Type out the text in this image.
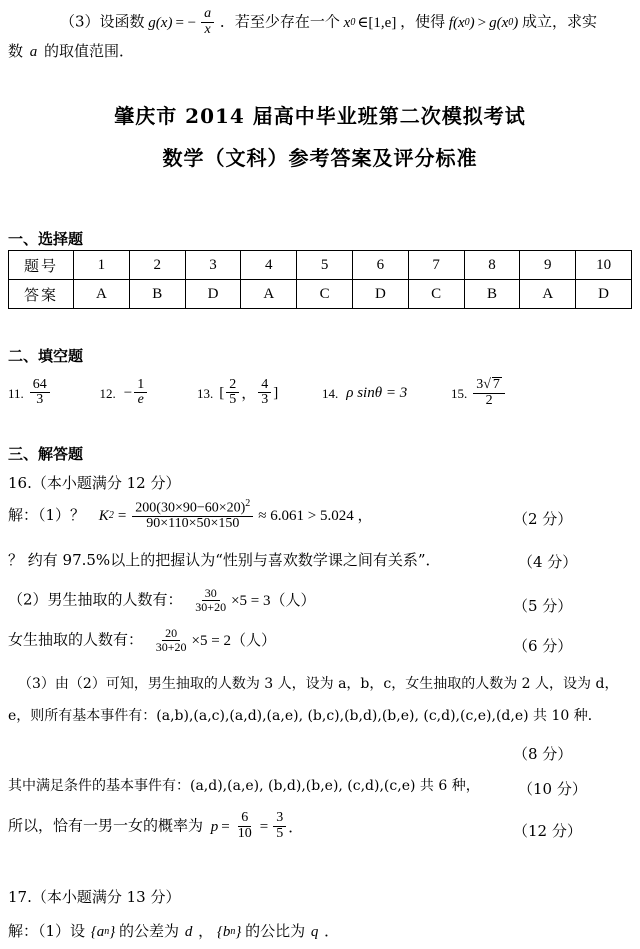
（3）设函数 g(x) = − $\frac{a}{x}$ ．若至少存在一个 x 0 ∈[1,e] ，使得 f(x 0 ) > g(x 0 ) 成立，求实
数 a 的取值范围．
肇庆市 2014 届高中毕业班第二次模拟考试
数学（文科）参考答案及评分标准
一、选择题
题号	1	2	3	4	5	6	7	8	9	10
答案	A	B	D	A	C	D	C	B	A	D
二、填空题
11. $\frac{64}{3}$
	12. − $\frac{1}{e}$
	13. [ $\frac{2}{5}$ ， $\frac{4}{3}$ ]
	14. ρ sinθ = 3
	15. $\frac{3√ 7}{2}$
三、解答题
16.（本小题满分 12 分）
解：（1）？ K $2 = \frac{200(30\times 90-60\times 20)^2}{90\times 110\times 50\times 150} \approx 6.061 > 5.024$ ，	（2 分）
？ 约有 97.5%以上的把握认为“性别与喜欢数学课之间有关系”．	（4 分）
（2）男生抽取的人数有： $\frac{30}{30+20} \times 5 = 3$（人）	（5 分）
女生抽取的人数有： $\frac{20}{30+20} \times 5 = 2$（人）	（6 分）
（3）由（2）可知，男生抽取的人数为 3 人，设为 a，b，c，女生抽取的人数为 2 人，设为 d，
e，则所有基本事件有：(a,b),(a,c),(a,d),(a,e), (b,c),(b,d),(b,e), (c,d),(c,e),(d,e) 共 10 种．
（8 分）
其中满足条件的基本事件有：(a,d),(a,e), (b,d),(b,e), (c,d),(c,e) 共 6 种，	（10 分）
所以，恰有一男一女的概率为 $p = \frac{6}{10} = \frac{3}{5}$ ．	（12 分）
17.（本小题满分 13 分）
解：（1）设 {a n } 的公差为 d ， {b n } 的公比为 q ．
